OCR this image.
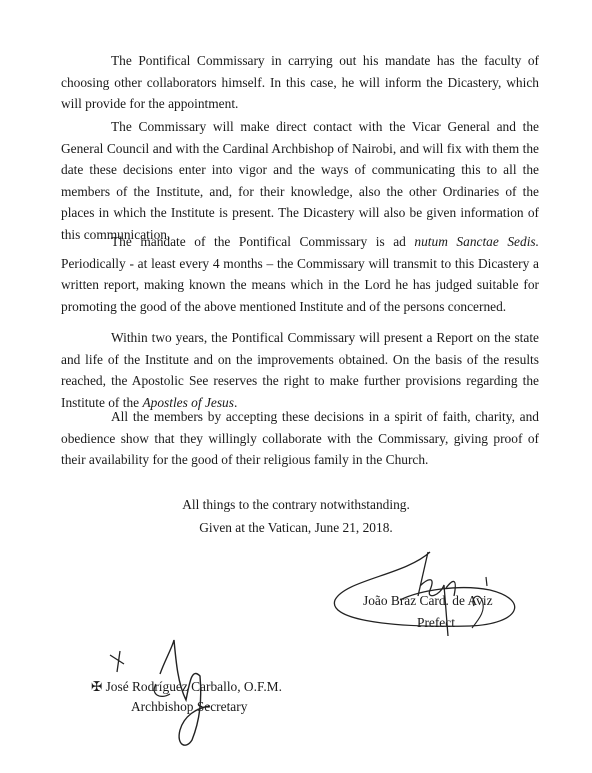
The Pontifical Commissary in carrying out his mandate has the faculty of choosing other collaborators himself. In this case, he will inform the Dicastery, which will provide for the appointment.

The Commissary will make direct contact with the Vicar General and the General Council and with the Cardinal Archbishop of Nairobi, and will fix with them the date these decisions enter into vigor and the ways of communicating this to all the members of the Institute, and, for their knowledge, also the other Ordinaries of the places in which the Institute is present. The Dicastery will also be given information of this communication.

The mandate of the Pontifical Commissary is ad nutum Sanctae Sedis. Periodically - at least every 4 months – the Commissary will transmit to this Dicastery a written report, making known the means which in the Lord he has judged suitable for promoting the good of the above mentioned Institute and of the persons concerned.

Within two years, the Pontifical Commissary will present a Report on the state and life of the Institute and on the improvements obtained. On the basis of the results reached, the Apostolic See reserves the right to make further provisions regarding the Institute of the Apostles of Jesus.

All the members by accepting these decisions in a spirit of faith, charity, and obedience show that they willingly collaborate with the Commissary, giving proof of their availability for the good of their religious family in the Church.

All things to the contrary notwithstanding.

Given at the Vatican, June 21, 2018.

João Braz Card. de Aviz

Prefect

✠ José Rodríguez Carballo, O.F.M.

Archbishop Secretary
